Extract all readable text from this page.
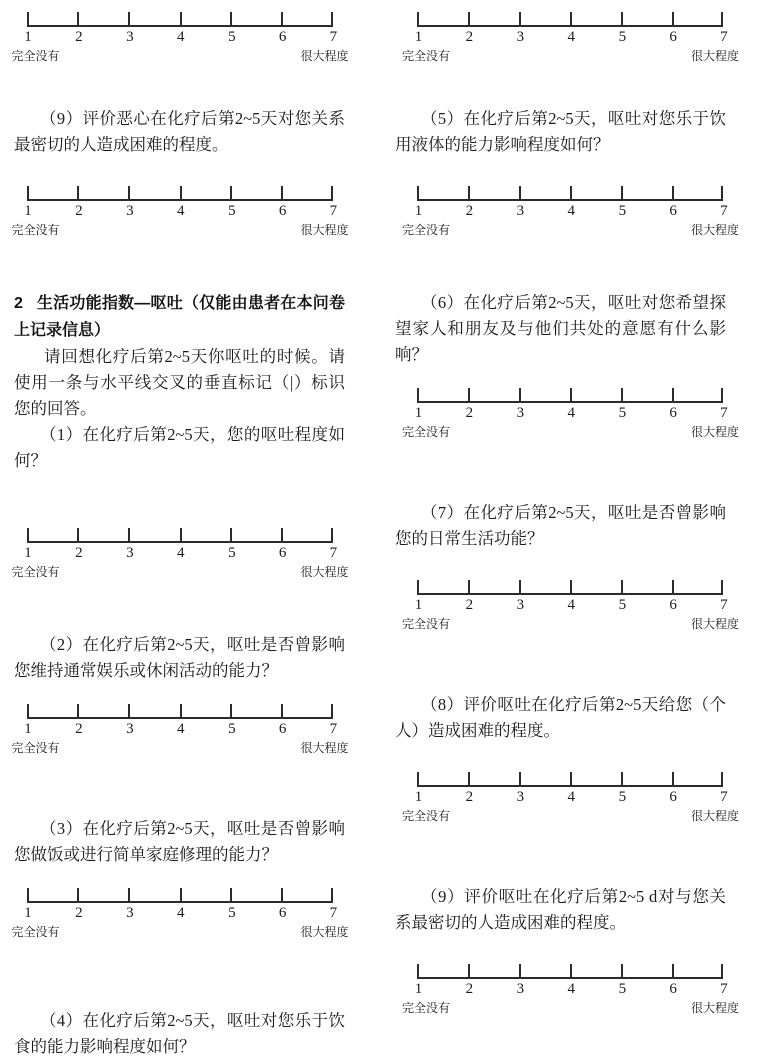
1	2	3	4	5	6	7
完全没有	很大程度

（9）评价恶心在化疗后第2~5天对您关系最密切的人造成困难的程度。

1	2	3	4	5	6	7
完全没有	很大程度
2 生活功能指数—呕吐（仅能由患者在本问卷上记录信息）

请回想化疗后第2~5天你呕吐的时候。请使用一条与水平线交叉的垂直标记（|）标识您的回答。

（1）在化疗后第2~5天，您的呕吐程度如何？

1	2	3	4	5	6	7
完全没有	很大程度

（2）在化疗后第2~5天，呕吐是否曾影响您维持通常娱乐或休闲活动的能力？

1	2	3	4	5	6	7
完全没有	很大程度

（3）在化疗后第2~5天，呕吐是否曾影响您做饭或进行简单家庭修理的能力？

1	2	3	4	5	6	7
完全没有	很大程度

（4）在化疗后第2~5天，呕吐对您乐于饮食的能力影响程度如何？

1	2	3	4	5	6	7
完全没有	很大程度

（5）在化疗后第2~5天，呕吐对您乐于饮用液体的能力影响程度如何？

1	2	3	4	5	6	7
完全没有	很大程度

（6）在化疗后第2~5天，呕吐对您希望探望家人和朋友及与他们共处的意愿有什么影响？

1	2	3	4	5	6	7
完全没有	很大程度

（7）在化疗后第2~5天，呕吐是否曾影响您的日常生活功能？

1	2	3	4	5	6	7
完全没有	很大程度

（8）评价呕吐在化疗后第2~5天给您（个人）造成困难的程度。

1	2	3	4	5	6	7
完全没有	很大程度

（9）评价呕吐在化疗后第2~5 d对与您关系最密切的人造成困难的程度。

1	2	3	4	5	6	7
完全没有	很大程度
